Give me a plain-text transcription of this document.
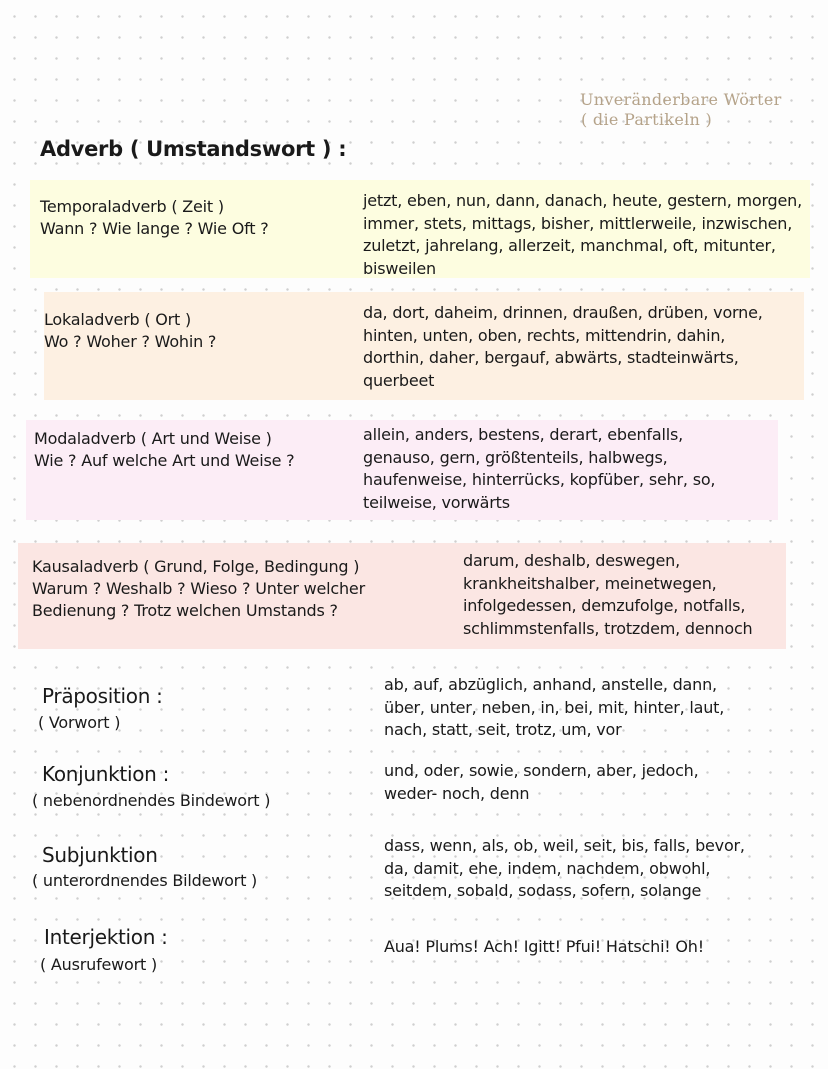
Unveränderbare Wörter
( die Partikeln )
Adverb ( Umstandswort ) :
Temporaladverb ( Zeit )
Wann ? Wie lange ? Wie Oft ?
jetzt, eben, nun, dann, danach, heute, gestern, morgen, immer, stets, mittags, bisher, mittlerweile, inzwischen, zuletzt, jahrelang, allerzeit, manchmal, oft, mitunter, bisweilen
Lokaladverb ( Ort )
Wo ? Woher ? Wohin ?
da, dort, daheim, drinnen, draußen, drüben, vorne, hinten, unten, oben, rechts, mittendrin, dahin, dorthin, daher, bergauf, abwärts, stadteinwärts, querbeet
Modaladverb ( Art und Weise )
Wie ? Auf welche Art und Weise ?
allein, anders, bestens, derart, ebenfalls, genauso, gern, größtenteils, halbwegs, haufenweise, hinterrücks, kopfüber, sehr, so, teilweise, vorwärts
Kausaladverb ( Grund, Folge, Bedingung )
Warum ? Weshalb ? Wieso ? Unter welcher
Bedienung ? Trotz welchen Umstands ?
darum, deshalb, deswegen, krankheitshalber, meinetwegen, infolgedessen, demzufolge, notfalls, schlimmstenfalls, trotzdem, dennoch
Präposition :
( Vorwort )
ab, auf, abzüglich, anhand, anstelle, dann, über, unter, neben, in, bei, mit, hinter, laut, nach, statt, seit, trotz, um, vor
Konjunktion :
( nebenordnendes Bindewort )
und, oder, sowie, sondern, aber, jedoch, weder- noch, denn
Subjunktion
( unterordnendes Bildewort )
dass, wenn, als, ob, weil, seit, bis, falls, bevor, da, damit, ehe, indem, nachdem, obwohl, seitdem, sobald, sodass, sofern, solange
Interjektion :
( Ausrufewort )
Aua! Plums! Ach! Igitt! Pfui! Hatschi! Oh!
